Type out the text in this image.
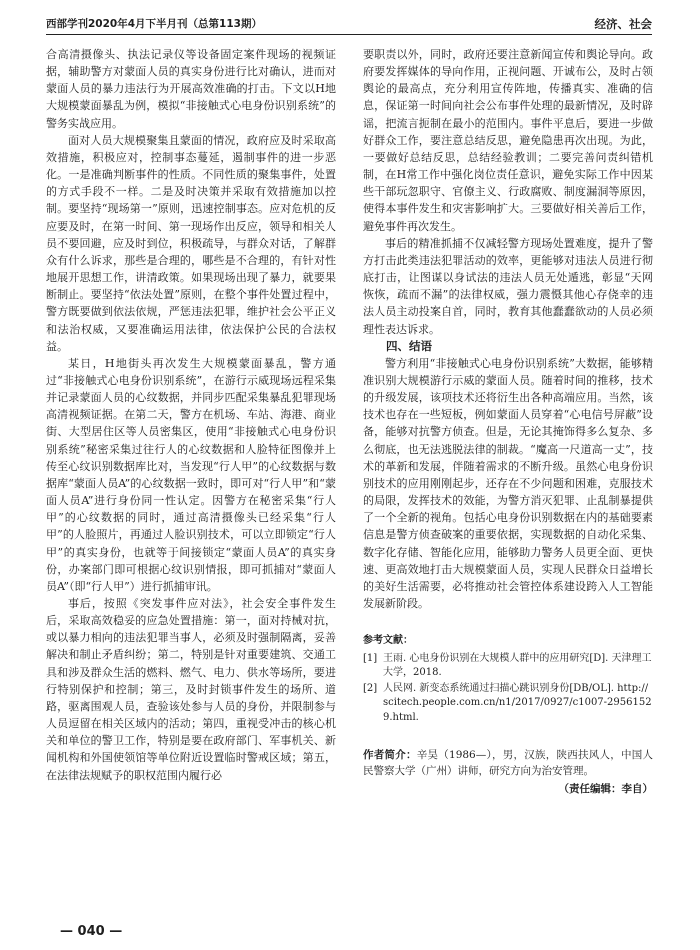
西部学刊2020年4月下半月刊（总第113期）	经济、社会

合高清摄像头、执法记录仪等设备固定案件现场的视频证据，辅助警方对蒙面人员的真实身份进行比对确认，进而对蒙面人员的暴力违法行为开展高效准确的打击。下文以H地大规模蒙面暴乱为例，模拟“非接触式心电身份识别系统”的警务实战应用。

面对人员大规模聚集且蒙面的情况，政府应及时采取高效措施，积极应对，控制事态蔓延，遏制事件的进一步恶化。一是准确判断事件的性质。不同性质的聚集事件，处置的方式手段不一样。二是及时决策并采取有效措施加以控制。要坚持“现场第一”原则，迅速控制事态。应对危机的反应要及时，在第一时间、第一现场作出反应，领导和相关人员不要回避，应及时到位，积极疏导，与群众对话，了解群众有什么诉求，那些是合理的，哪些是不合理的，有针对性地展开思想工作，讲清政策。如果现场出现了暴力，就要果断制止。要坚持“依法处置”原则，在整个事件处置过程中，警方既要做到依法依规，严惩违法犯罪，维护社会公平正义和法治权威，又要准确运用法律，依法保护公民的合法权益。

某日，H地街头再次发生大规模蒙面暴乱，警方通过“非接触式心电身份识别系统”，在游行示威现场远程采集并记录蒙面人员的心纹数据，并同步匹配采集暴乱犯罪现场高清视频证据。在第二天，警方在机场、车站、海港、商业街、大型居住区等人员密集区，使用“非接触式心电身份识别系统”秘密采集过往行人的心纹数据和人脸特征图像并上传至心纹识别数据库比对，当发现“行人甲”的心纹数据与数据库“蒙面人员A”的心纹数据一致时，即可对“行人甲”和“蒙面人员A”进行身份同一性认定。因警方在秘密采集“行人甲”的心纹数据的同时，通过高清摄像头已经采集“行人甲”的人脸照片，再通过人脸识别技术，可以立即锁定“行人甲”的真实身份，也就等于间接锁定“蒙面人员A”的真实身份，办案部门即可根据心纹识别情报，即可抓捕对“蒙面人员A”（即“行人甲”）进行抓捕审讯。

事后，按照《突发事件应对法》，社会安全事件发生后，采取高效稳妥的应急处置措施：第一，面对持械对抗，或以暴力相向的违法犯罪当事人，必须及时强制隔离，妥善解决和制止矛盾纠纷；第二，特别是针对重要建筑、交通工具和涉及群众生活的燃料、燃气、电力、供水等场所，要进行特别保护和控制；第三，及时封锁事件发生的场所、道路，驱离围观人员，查验该处参与人员的身份，并限制参与人员逗留在相关区域内的活动；第四，重视受冲击的核心机关和单位的警卫工作，特别是要在政府部门、军事机关、新闻机构和外国使领馆等单位附近设置临时警戒区域；第五，在法律法规赋予的职权范围内履行必

要职责以外，同时，政府还要注意新闻宣传和舆论导向。政府要发挥媒体的导向作用，正视问题、开诚布公，及时占领舆论的最高点，充分利用宣传阵地，传播真实、准确的信息，保证第一时间向社会公布事件处理的最新情况，及时辟谣，把流言扼制在最小的范围内。事件平息后，要进一步做好群众工作，要注意总结反思，避免隐患再次出现。为此，一要做好总结反思，总结经验教训；二要完善问责纠错机制，在H常工作中强化岗位责任意识，避免实际工作中因某些干部玩忽职守、官僚主义、行政腐败、制度漏洞等原因，使得本事件发生和灾害影响扩大。三要做好相关善后工作，避免事件再次发生。

事后的精准抓捕不仅减轻警方现场处置难度，提升了警方打击此类违法犯罪活动的效率，更能够对违法人员进行彻底打击，让图谋以身试法的违法人员无处遁逃，彰显“天网恢恢，疏而不漏”的法律权威，强力震慑其他心存侥幸的违法人员主动投案自首，同时，教育其他蠢蠢欲动的人员必须理性表达诉求。

四、结语

警方利用“非接触式心电身份识别系统”大数据，能够精准识别大规模游行示威的蒙面人员。随着时间的推移，技术的升级发展，该项技术还将衍生出各种高端应用。当然，该技术也存在一些短板，例如蒙面人员穿着“心电信号屏蔽”设备，能够对抗警方侦查。但是，无论其掩饰得多么复杂、多么彻底，也无法逃脱法律的制裁。“魔高一尺道高一丈”，技术的革新和发展，伴随着需求的不断升级。虽然心电身份识别技术的应用刚刚起步，还存在不少问题和困难，克服技术的局限，发挥技术的效能，为警方消灭犯罪、止乱制暴提供了一个全新的视角。包括心电身份识别数据在内的基础要素信息是警方侦查破案的重要依据，实现数据的自动化采集、数字化存储、智能化应用，能够助力警务人员更全面、更快速、更高效地打击大规模蒙面人员，实现人民群众日益增长的美好生活需要，必将推动社会管控体系建设跨入人工智能发展新阶段。

参考文献：
[1] 王雨. 心电身份识别在大规模人群中的应用研究[D]. 天津理工大学，2018.
[2] 人民网. 新变态系统通过扫描心跳识别身份[DB/OL]. http://scitech.people.com.cn/n1/2017/0927/c1007-29561529.html.
作者简介：辛昊（1986—），男，汉族，陕西扶风人，中国人民警察大学（广州）讲师，研究方向为治安管理。
（责任编辑：李自）
— 040 —
